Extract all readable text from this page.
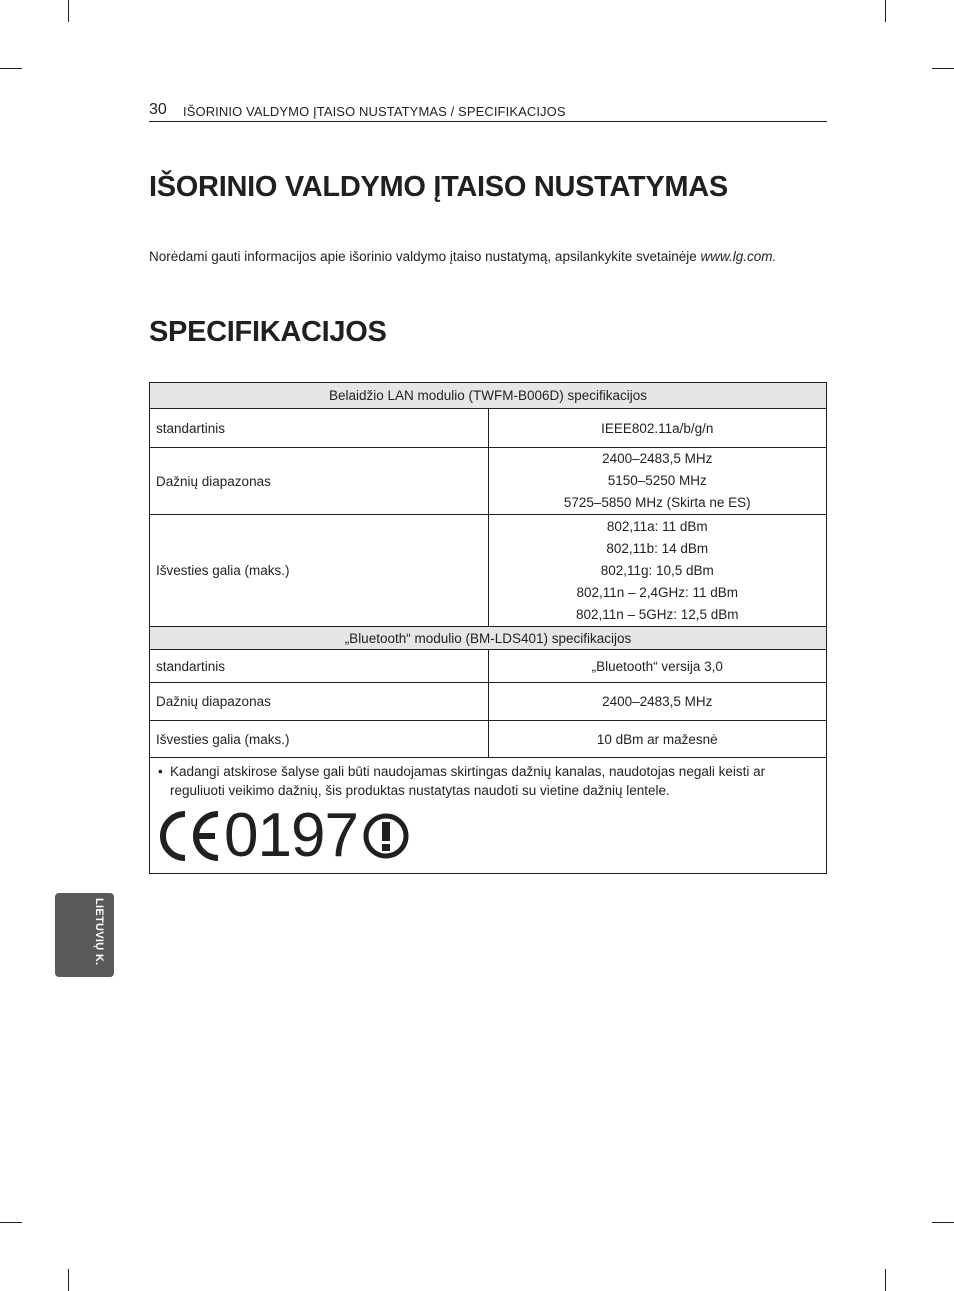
30 IŠORINIO VALDYMO ĮTAISO NUSTATYMAS / SPECIFIKACIJOS
IŠORINIO VALDYMO ĮTAISO NUSTATYMAS

Norėdami gauti informacijos apie išorinio valdymo įtaiso nustatymą, apsilankykite svetainėje www.lg.com.

SPECIFIKACIJOS
Belaidžio LAN modulio (TWFM-B006D) specifikacijos	
standartinis	IEEE802.11a/b/g/n
Dažnių diapazonas	2400–2483,5 MHz
5150–5250 MHz
5725–5850 MHz (Skirta ne ES)

Išvesties galia (maks.)	802,11a: 11 dBm
802,11b: 14 dBm
802,11g: 10,5 dBm
802,11n – 2,4GHz: 11 dBm
802,11n – 5GHz: 12,5 dBm

„Bluetooth“ modulio (BM-LDS401) specifikacijos	
standartinis	„Bluetooth“ versija 3,0
Dažnių diapazonas	2400–2483,5 MHz
Išvesties galia (maks.)	10 dBm ar mažesnė

• Kadangi atskirose šalyse gali būti naudojamas skirtingas dažnių kanalas, naudotojas negali keisti ar reguliuoti veikimo dažnių, šis produktas nustatytas naudoti su vietine dažnių lentele.
0197	
LIETUVIŲ K.
